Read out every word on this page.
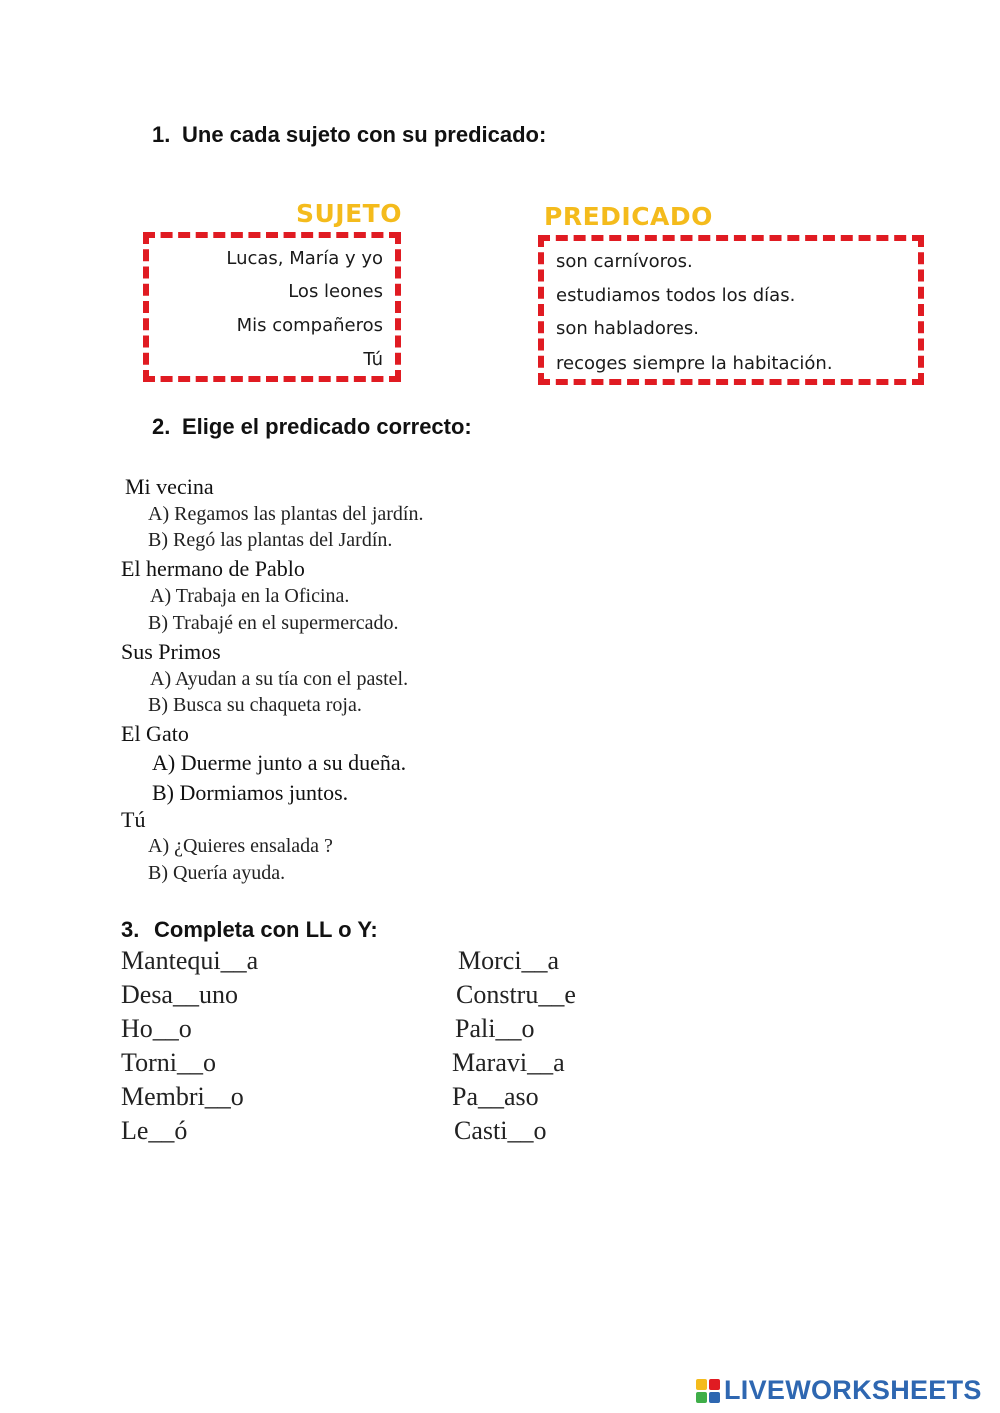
1. Une cada sujeto con su predicado:
SUJETO
Lucas, María y yo
Los leones
Mis compañeros
Tú
PREDICADO
son carnívoros.
estudiamos todos los días.
son habladores.
recoges siempre la habitación.
2. Elige el predicado correcto:
Mi vecina
A) Regamos las plantas del jardín.
B) Regó las plantas del Jardín.
El hermano de Pablo
A) Trabaja en la Oficina.
B) Trabajé en el supermercado.
Sus Primos
A) Ayudan a su tía con el pastel.
B) Busca su chaqueta roja.
El Gato
A) Duerme junto a su dueña.
B) Dormiamos juntos.
Tú
A) ¿Quieres ensalada ?
B) Quería ayuda.
3. Completa con LL o Y:
Mantequi__a
Desa__uno
Ho__o
Torni__o
Membri__o
Le__ó
Morci__a
Constru__e
Pali__o
Maravi__a
Pa__aso
Casti__o
LIVEWORKSHEETS
